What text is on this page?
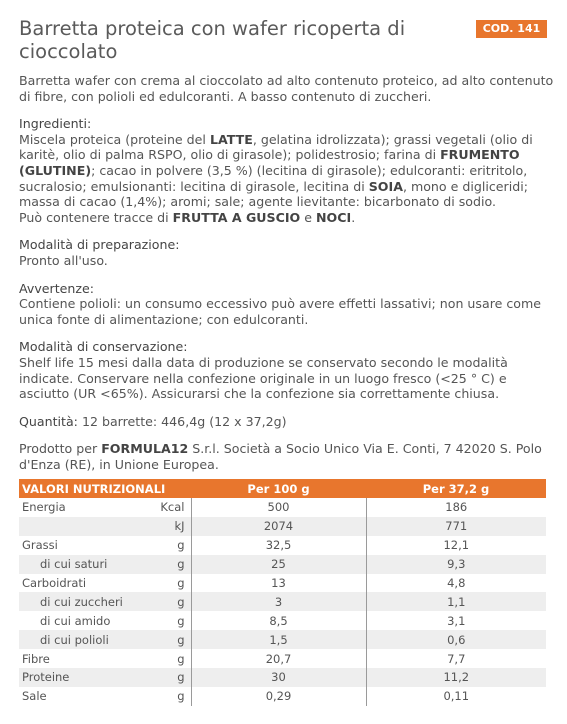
Barretta proteica con wafer ricoperta di cioccolato
COD. 141

Barretta wafer con crema al cioccolato ad alto contenuto proteico, ad alto contenuto di fibre, con polioli ed edulcoranti. A basso contenuto di zuccheri.

Ingredienti:
Miscela proteica (proteine del LATTE, gelatina idrolizzata); grassi vegetali (olio di karitè, olio di palma RSPO, olio di girasole); polidestrosio; farina di FRUMENTO (GLUTINE); cacao in polvere (3,5 %) (lecitina di girasole); edulcoranti: eritritolo, sucralosio; emulsionanti: lecitina di girasole, lecitina di SOIA, mono e digliceridi; massa di cacao (1,4%); aromi; sale; agente lievitante: bicarbonato di sodio.
Può contenere tracce di FRUTTA A GUSCIO e NOCI.

Modalità di preparazione:
Pronto all'uso.

Avvertenze:
Contiene polioli: un consumo eccessivo può avere effetti lassativi; non usare come unica fonte di alimentazione; con edulcoranti.

Modalità di conservazione:
Shelf life 15 mesi dalla data di produzione se conservato secondo le modalità indicate. Conservare nella confezione originale in un luogo fresco (<25 ° C) e asciutto (UR <65%). Assicurarsi che la confezione sia correttamente chiusa.

Quantità: 12 barrette: 446,4g (12 x 37,2g)

Prodotto per FORMULA12 S.r.l. Società a Socio Unico Via E. Conti, 7 42020 S. Polo d'Enza (RE), in Unione Europea.

VALORI NUTRIZIONALI	Per 100 g	Per 37,2 g

Energia Kcal	500	186

kJ	2074	771

Grassi g	32,5	12,1

di cui saturi g	25	9,3

Carboidrati g	13	4,8

di cui zuccheri g	3	1,1

di cui amido g	8,5	3,1

di cui polioli g	1,5	0,6

Fibre g	20,7	7,7

Proteine g	30	11,2

Sale g	0,29	0,11
